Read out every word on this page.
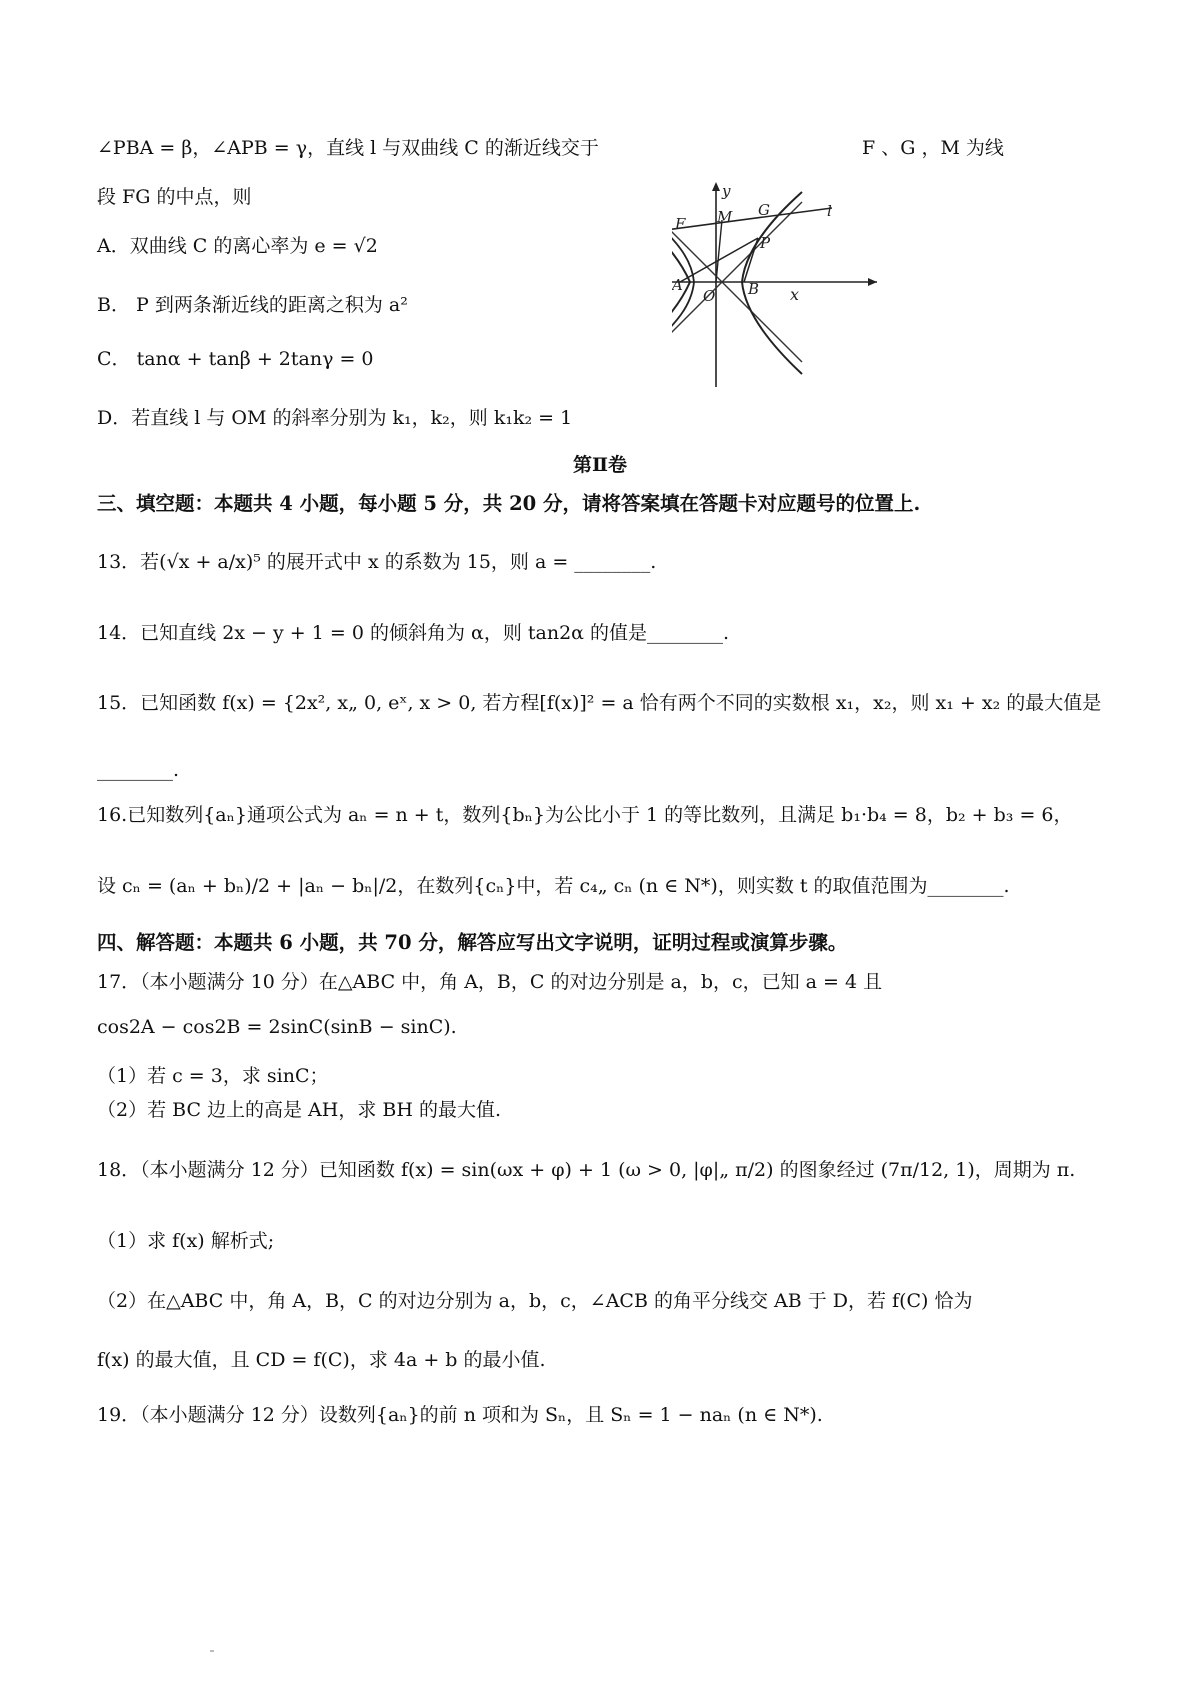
∠PBA = β，∠APB = γ，直线 l 与双曲线 C 的渐近线交于	F 、G ，M 为线
段 FG 的中点，则
A．双曲线 C 的离心率为 e = √2
B． P 到两条渐近线的距离之积为 a²
C． tanα + tanβ + 2tanγ = 0
D．若直线 l 与 OM 的斜率分别为 k₁，k₂，则 k₁k₂ = 1
y
x
F M G	l
P
A
O B
第Ⅱ卷
三、填空题：本题共 4 小题，每小题 5 分，共 20 分，请将答案填在答题卡对应题号的位置上.
13．若(√x + a/x)⁵ 的展开式中 x 的系数为 15，则 a = ________.
14．已知直线 2x − y + 1 = 0 的倾斜角为 α，则 tan2α 的值是________.
15．已知函数 f(x) = {2x², x„ 0, eˣ, x > 0, 若方程[f(x)]² = a 恰有两个不同的实数根 x₁，x₂，则 x₁ + x₂ 的最大值是
________.
16.已知数列{aₙ}通项公式为 aₙ = n + t，数列{bₙ}为公比小于 1 的等比数列，且满足 b₁·b₄ = 8，b₂ + b₃ = 6，
设 cₙ = (aₙ + bₙ)/2 + |aₙ − bₙ|/2，在数列{cₙ}中，若 c₄„ cₙ (n ∈ N*)，则实数 t 的取值范围为________.
四、解答题：本题共 6 小题，共 70 分，解答应写出文字说明，证明过程或演算步骤。
17．（本小题满分 10 分）在△ABC 中，角 A，B，C 的对边分别是 a，b，c，已知 a = 4 且
cos2A − cos2B = 2sinC(sinB − sinC).
（1）若 c = 3，求 sinC；
（2）若 BC 边上的高是 AH，求 BH 的最大值.
18．（本小题满分 12 分）已知函数 f(x) = sin(ωx + φ) + 1 (ω > 0, |φ|„ π/2) 的图象经过 (7π/12, 1)，周期为 π.
（1）求 f(x) 解析式;
（2）在△ABC 中，角 A，B，C 的对边分别为 a，b，c，∠ACB 的角平分线交 AB 于 D，若 f(C) 恰为
f(x) 的最大值，且 CD = f(C)，求 4a + b 的最小值.
19．（本小题满分 12 分）设数列{aₙ}的前 n 项和为 Sₙ，且 Sₙ = 1 − naₙ (n ∈ N*).
